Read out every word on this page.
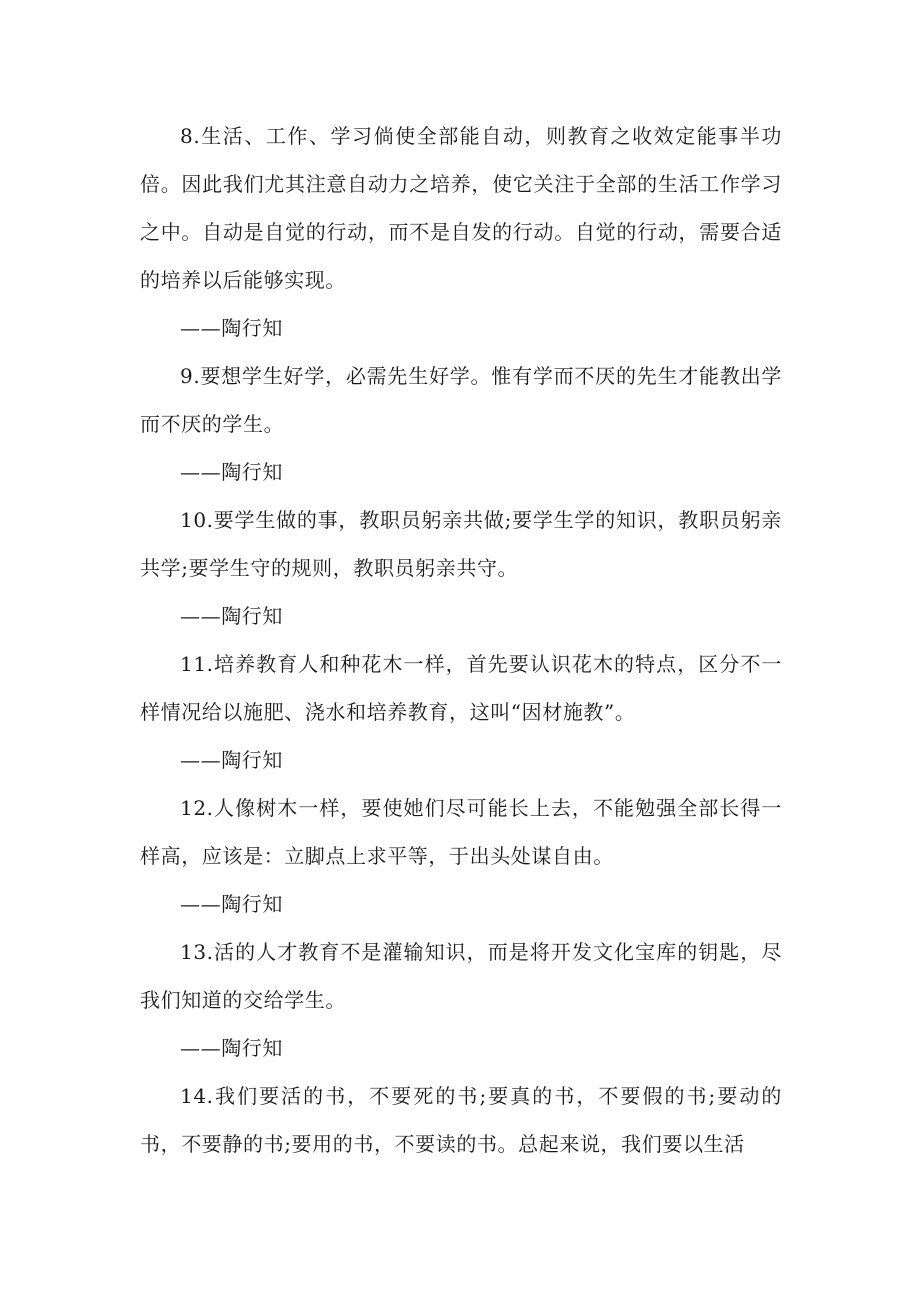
8.生活、工作、学习倘使全部能自动，则教育之收效定能事半功倍。因此我们尤其注意自动力之培养，使它关注于全部的生活工作学习之中。自动是自觉的行动，而不是自发的行动。自觉的行动，需要合适的培养以后能够实现。

——陶行知

9.要想学生好学，必需先生好学。惟有学而不厌的先生才能教出学而不厌的学生。

——陶行知

10.要学生做的事，教职员躬亲共做;要学生学的知识，教职员躬亲共学;要学生守的规则，教职员躬亲共守。

——陶行知

11.培养教育人和种花木一样，首先要认识花木的特点，区分不一样情况给以施肥、浇水和培养教育，这叫“因材施教”。

——陶行知

12.人像树木一样，要使她们尽可能长上去，不能勉强全部长得一样高，应该是：立脚点上求平等，于出头处谋自由。

——陶行知

13.活的人才教育不是灌输知识，而是将开发文化宝库的钥匙，尽我们知道的交给学生。

——陶行知

14.我们要活的书，不要死的书;要真的书，不要假的书;要动的书，不要静的书;要用的书，不要读的书。总起来说，我们要以生活
